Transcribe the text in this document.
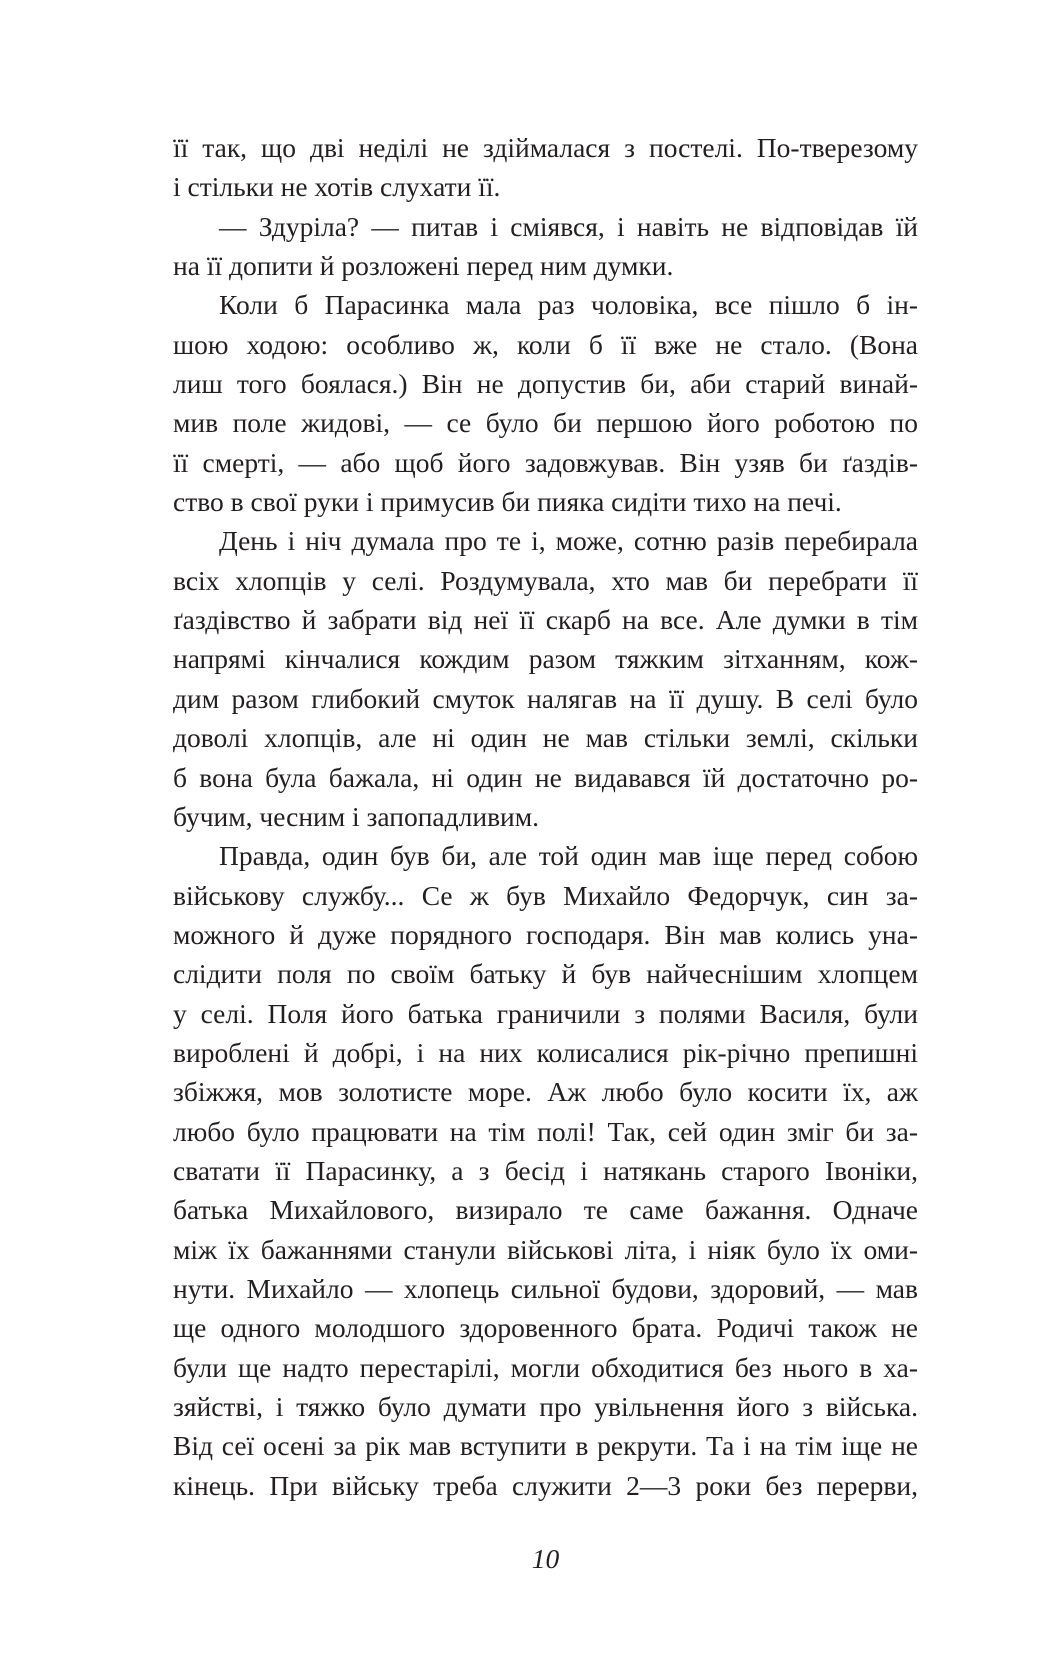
її так, що дві неділі не здіймалася з постелі. По-тверезому
і стільки не хотів слухати її.
— Здуріла? — питав і сміявся, і навіть не відповідав їй
на її допити й розложені перед ним думки.
Коли б Парасинка мала раз чоловіка, все пішло б ін-
шою ходою: особливо ж, коли б її вже не стало. (Вона
лиш того боялася.) Він не допустив би, аби старий винай-
мив поле жидові, — се було би першою його роботою по
її смерті, — або щоб його задовжував. Він узяв би ґаздів-
ство в свої руки і примусив би пияка сидіти тихо на печі.
День і ніч думала про те і, може, сотню разів перебирала
всіх хлопців у селі. Роздумувала, хто мав би перебрати її
ґаздівство й забрати від неї її скарб на все. Але думки в тім
напрямі кінчалися кождим разом тяжким зітханням, кож-
дим разом глибокий смуток налягав на її душу. В селі було
доволі хлопців, але ні один не мав стільки землі, скільки
б вона була бажала, ні один не видавався їй достаточно ро-
бучим, чесним і запопадливим.
Правда, один був би, але той один мав іще перед собою
військову службу... Се ж був Михайло Федорчук, син за-
можного й дуже порядного господаря. Він мав колись уна-
слідити поля по своїм батьку й був найчеснішим хлопцем
у селі. Поля його батька граничили з полями Василя, були
вироблені й добрі, і на них колисалися рік-річно препишні
збіжжя, мов золотисте море. Аж любо було косити їх, аж
любо було працювати на тім полі! Так, сей один зміг би за-
сватати її Парасинку, а з бесід і натякань старого Івоніки,
батька Михайлового, визирало те саме бажання. Одначе
між їх бажаннями станули військові літа, і ніяк було їх оми-
нути. Михайло — хлопець сильної будови, здоровий, — мав
ще одного молодшого здоровенного брата. Родичі також не
були ще надто перестарілі, могли обходитися без нього в ха-
зяйстві, і тяжко було думати про увільнення його з війська.
Від сеї осені за рік мав вступити в рекрути. Та і на тім іще не
кінець. При війську треба служити 2—3 роки без перерви,
10
